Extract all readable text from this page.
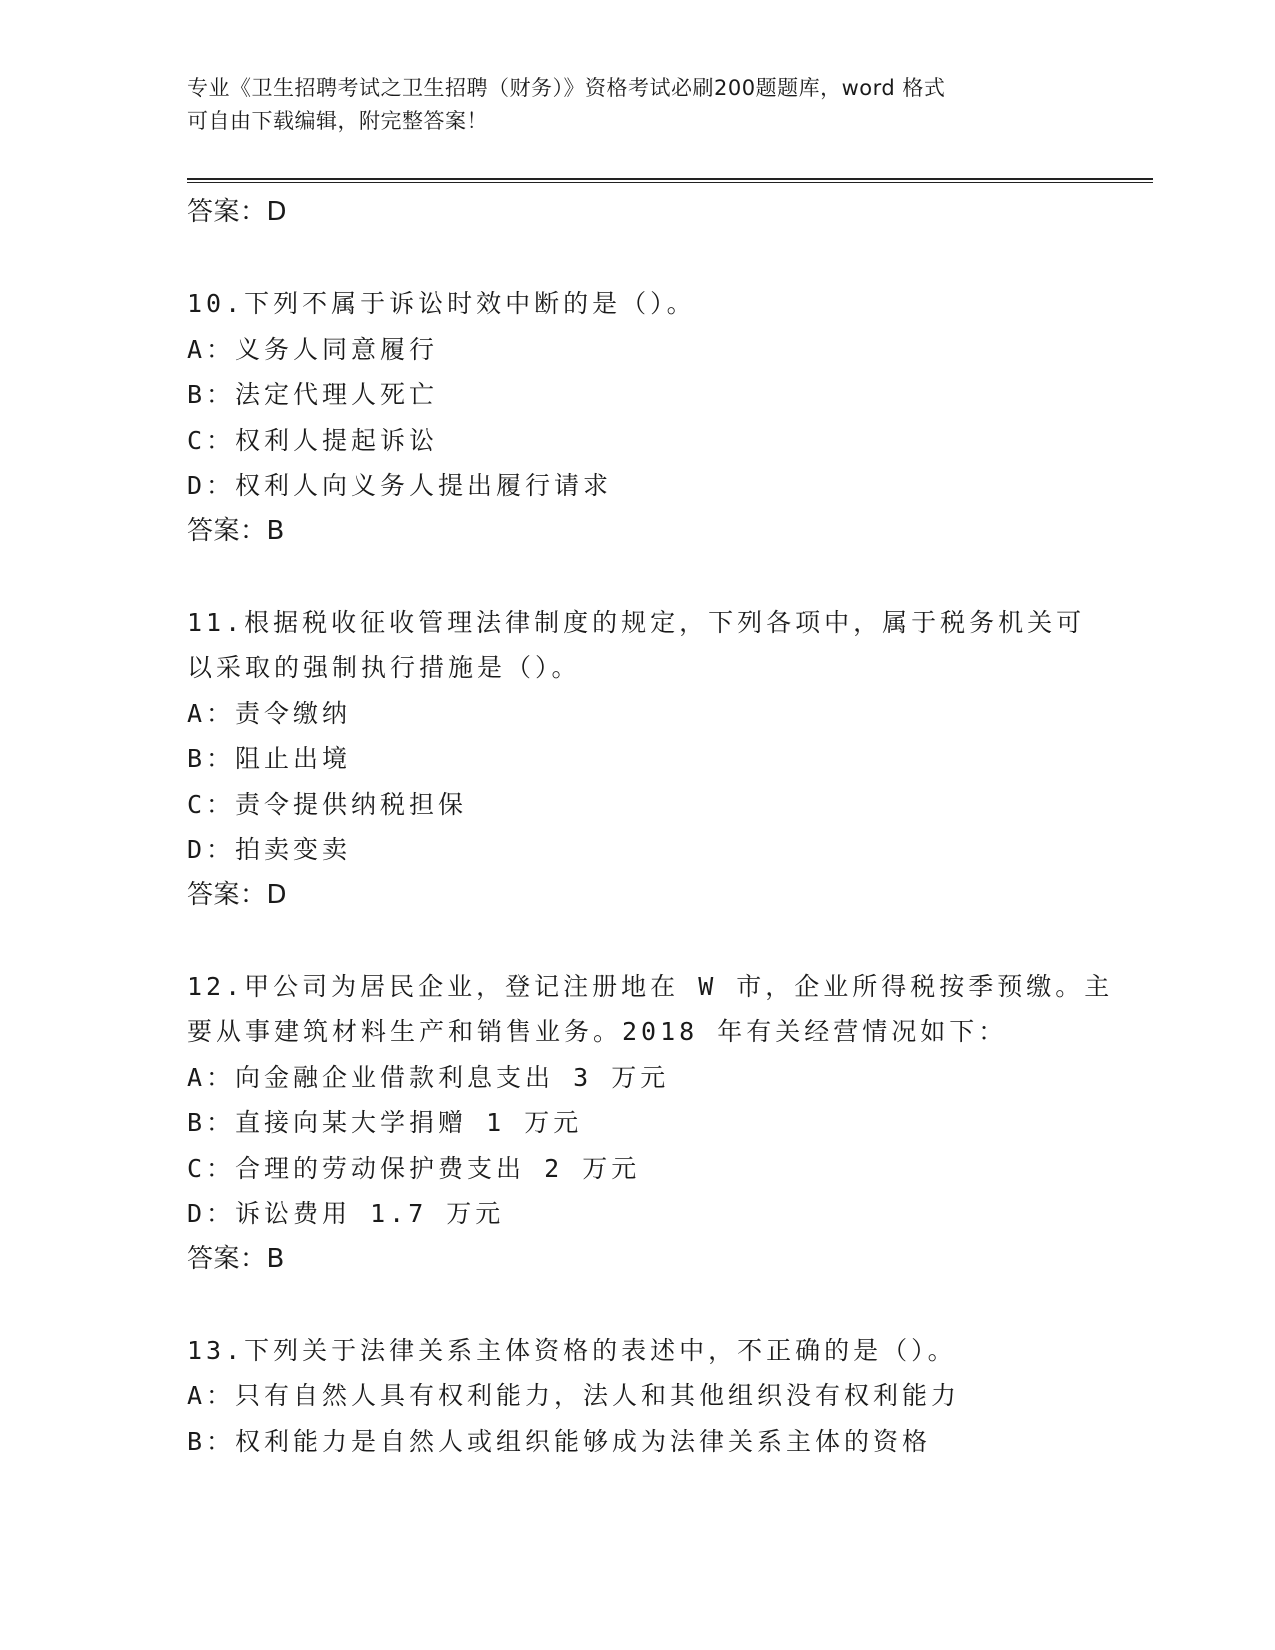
专业《卫生招聘考试之卫生招聘（财务）》资格考试必刷200题题库，word 格式
可自由下载编辑，附完整答案！
答案：D
10.下列不属于诉讼时效中断的是（）。
A：义务人同意履行
B：法定代理人死亡
C：权利人提起诉讼
D：权利人向义务人提出履行请求
答案：B
11.根据税收征收管理法律制度的规定，下列各项中，属于税务机关可
以采取的强制执行措施是（）。
A：责令缴纳
B：阻止出境
C：责令提供纳税担保
D：拍卖变卖
答案：D
12.甲公司为居民企业，登记注册地在 W 市，企业所得税按季预缴。主
要从事建筑材料生产和销售业务。2018 年有关经营情况如下：
A：向金融企业借款利息支出 3 万元
B：直接向某大学捐赠 1 万元
C：合理的劳动保护费支出 2 万元
D：诉讼费用 1.7 万元
答案：B
13.下列关于法律关系主体资格的表述中，不正确的是（）。
A：只有自然人具有权利能力，法人和其他组织没有权利能力
B：权利能力是自然人或组织能够成为法律关系主体的资格
